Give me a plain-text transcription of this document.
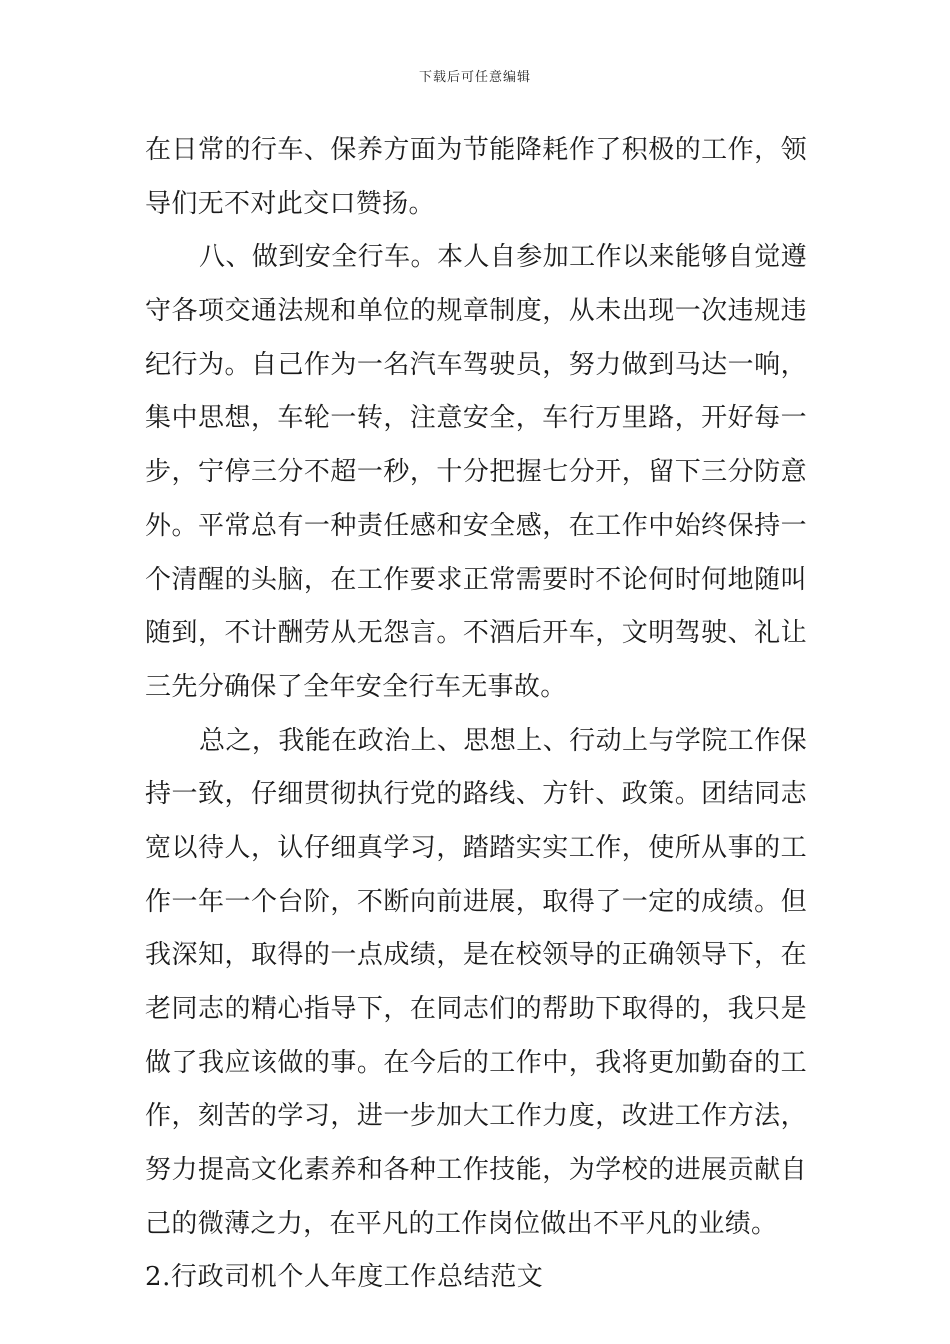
下载后可任意编辑
在日常的行车、保养方面为节能降耗作了积极的工作，领
导们无不对此交口赞扬。
八、做到安全行车。本人自参加工作以来能够自觉遵
守各项交通法规和单位的规章制度，从未出现一次违规违
纪行为。自己作为一名汽车驾驶员，努力做到马达一响，
集中思想，车轮一转，注意安全，车行万里路，开好每一
步，宁停三分不超一秒，十分把握七分开，留下三分防意
外。平常总有一种责任感和安全感，在工作中始终保持一
个清醒的头脑，在工作要求正常需要时不论何时何地随叫
随到，不计酬劳从无怨言。不酒后开车，文明驾驶、礼让
三先分确保了全年安全行车无事故。
总之，我能在政治上、思想上、行动上与学院工作保
持一致，仔细贯彻执行党的路线、方针、政策。团结同志
宽以待人，认仔细真学习，踏踏实实工作，使所从事的工
作一年一个台阶，不断向前进展，取得了一定的成绩。但
我深知，取得的一点成绩，是在校领导的正确领导下，在
老同志的精心指导下，在同志们的帮助下取得的，我只是
做了我应该做的事。在今后的工作中，我将更加勤奋的工
作，刻苦的学习，进一步加大工作力度，改进工作方法，
努力提高文化素养和各种工作技能，为学校的进展贡献自
己的微薄之力，在平凡的工作岗位做出不平凡的业绩。
2.行政司机个人年度工作总结范文
